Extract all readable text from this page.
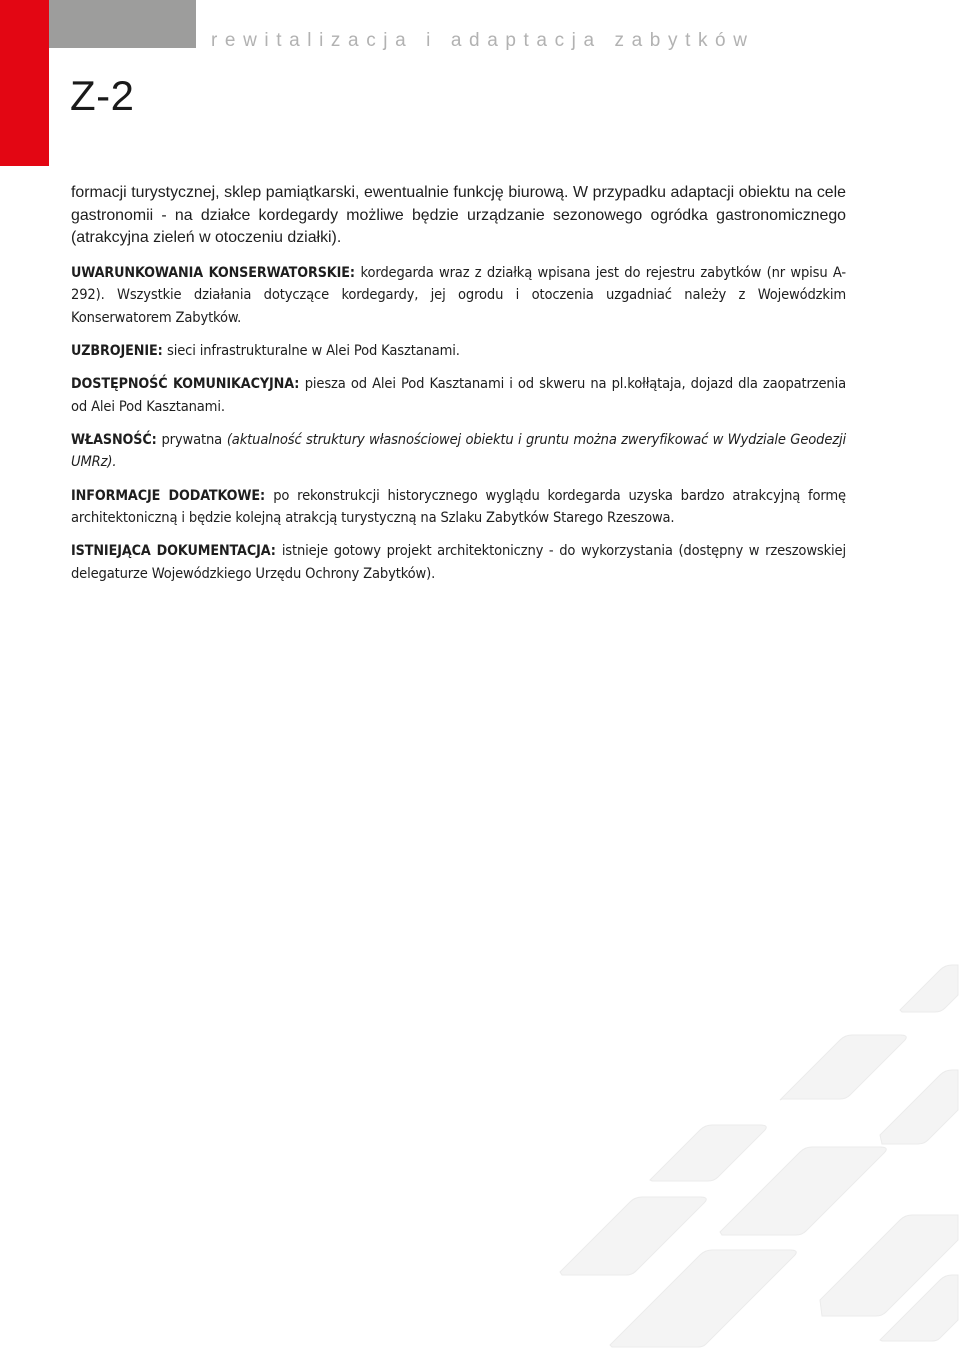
rewitalizacja i adaptacja zabytków
Z-2

formacji turystycznej, sklep pamiątkarski, ewentualnie funkcję biurową. W przypadku adaptacji obiektu na cele gastronomii - na działce kordegardy możliwe będzie urządzanie sezonowego ogródka gastronomicznego (atrakcyjna zieleń w otoczeniu działki).

UWARUNKOWANIA KONSERWATORSKIE: kordegarda wraz z działką wpisana jest do rejestru zabytków (nr wpisu A-292). Wszystkie działania dotyczące kordegardy, jej ogrodu i otoczenia uzgadniać należy z Wojewódzkim Konserwatorem Zabytków.

UZBROJENIE: sieci infrastrukturalne w Alei Pod Kasztanami.

DOSTĘPNOŚĆ KOMUNIKACYJNA: piesza od Alei Pod Kasztanami i od skweru na pl.kołłątaja, dojazd dla zaopatrzenia od Alei Pod Kasztanami.

WŁASNOŚĆ: prywatna (aktualność struktury własnościowej obiektu i gruntu można zweryfikować w Wydziale Geodezji UMRz).

INFORMACJE DODATKOWE: po rekonstrukcji historycznego wyglądu kordegarda uzyska bardzo atrakcyjną formę architektoniczną i będzie kolejną atrakcją turystyczną na Szlaku Zabytków Starego Rzeszowa.

ISTNIEJĄCA DOKUMENTACJA: istnieje gotowy projekt architektoniczny - do wykorzystania (dostępny w rzeszowskiej delegaturze Wojewódzkiego Urzędu Ochrony Zabytków).
